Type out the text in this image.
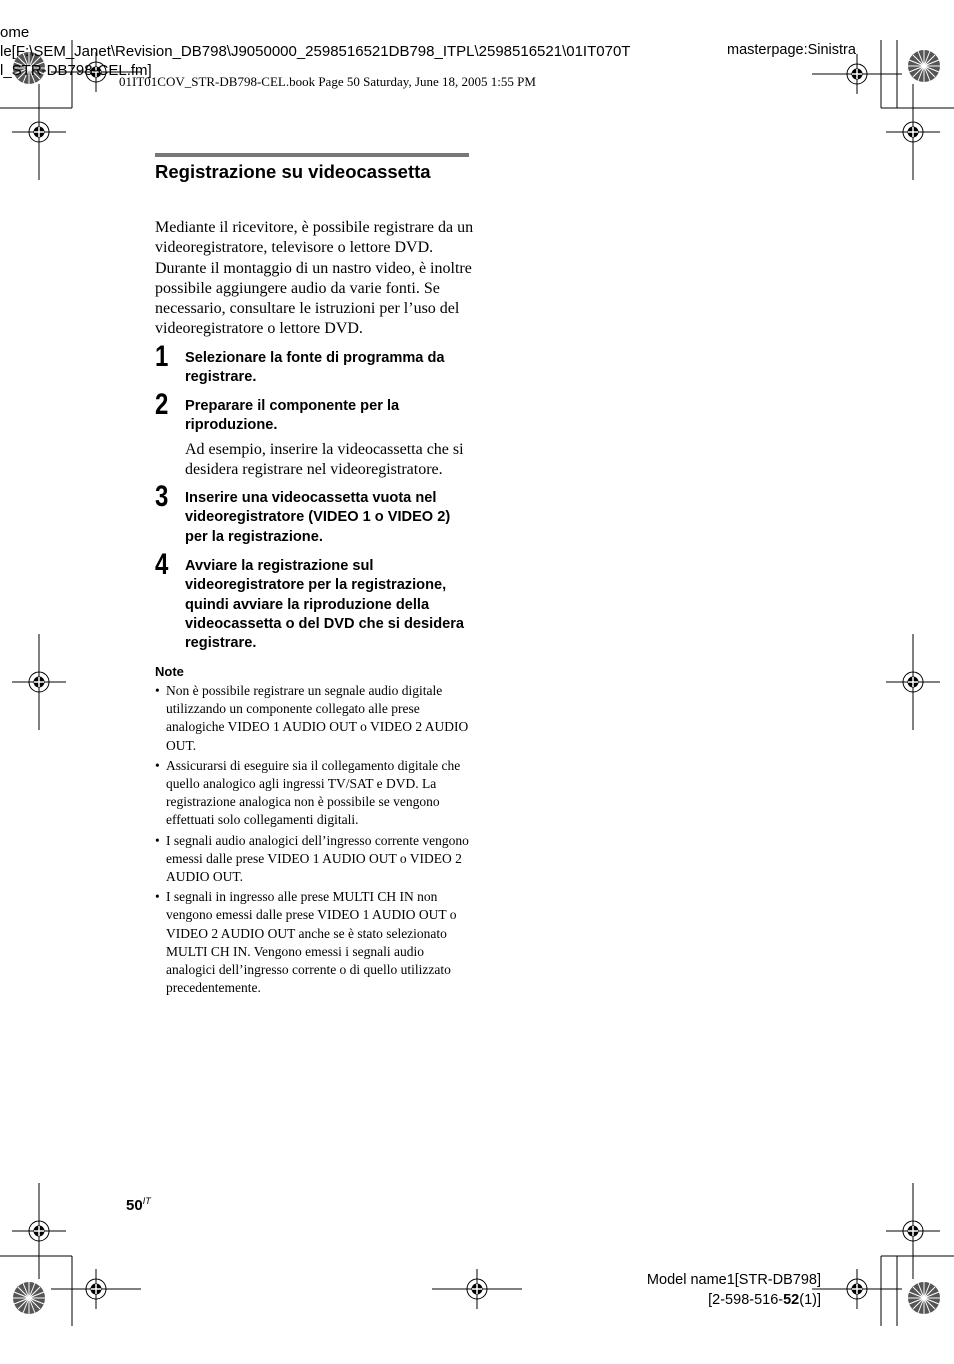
ome
le[F:\SEM_Janet\Revision_DB798\J9050000_2598516521DB798_ITPL\2598516521\01IT070T
l_STR-DB798-CEL.fm]
masterpage:Sinistra
01IT01COV_STR-DB798-CEL.book Page 50 Saturday, June 18, 2005 1:55 PM
Registrazione su videocassetta
Mediante il ricevitore, è possibile registrare da un videoregistratore, televisore o lettore DVD. Durante il montaggio di un nastro video, è inoltre possibile aggiungere audio da varie fonti. Se necessario, consultare le istruzioni per l’uso del videoregistratore o lettore DVD.
1 Selezionare la fonte di programma da registrare.
2 Preparare il componente per la riproduzione.
Ad esempio, inserire la videocassetta che si desidera registrare nel videoregistratore.
3 Inserire una videocassetta vuota nel videoregistratore (VIDEO 1 o VIDEO 2) per la registrazione.
4 Avviare la registrazione sul videoregistratore per la registrazione, quindi avviare la riproduzione della videocassetta o del DVD che si desidera registrare.
Note
• Non è possibile registrare un segnale audio digitale utilizzando un componente collegato alle prese analogiche VIDEO 1 AUDIO OUT o VIDEO 2 AUDIO OUT.
• Assicurarsi di eseguire sia il collegamento digitale che quello analogico agli ingressi TV/SAT e DVD. La registrazione analogica non è possibile se vengono effettuati solo collegamenti digitali.
• I segnali audio analogici dell’ingresso corrente vengono emessi dalle prese VIDEO 1 AUDIO OUT o VIDEO 2 AUDIO OUT.
• I segnali in ingresso alle prese MULTI CH IN non vengono emessi dalle prese VIDEO 1 AUDIO OUT o VIDEO 2 AUDIO OUT anche se è stato selezionato MULTI CH IN. Vengono emessi i segnali audio analogici dell’ingresso corrente o di quello utilizzato precedentemente.
$50^{IT}$
Model name1[STR-DB798]
[2-598-516-52(1)]
